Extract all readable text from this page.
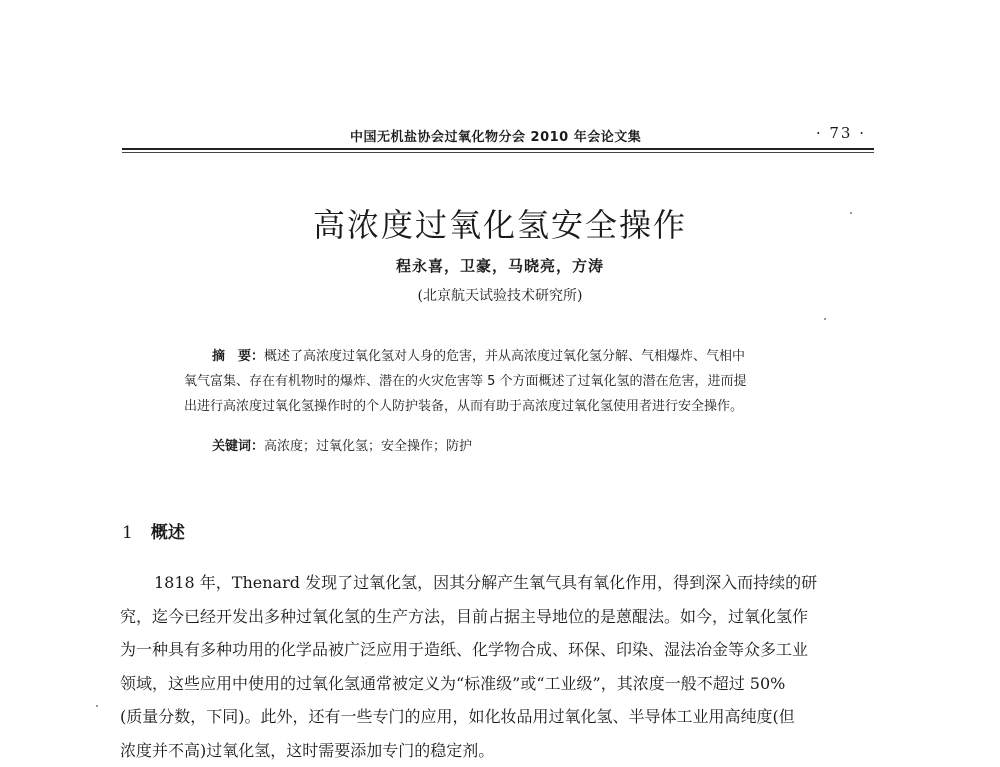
中国无机盐协会过氧化物分会 2010 年会论文集	· 73 ·
高浓度过氧化氢安全操作
程永喜，卫豪，马晓亮，方涛
(北京航天试验技术研究所)
摘　要：概述了高浓度过氧化氢对人身的危害，并从高浓度过氧化氢分解、气相爆炸、气相中
氧气富集、存在有机物时的爆炸、潜在的火灾危害等 5 个方面概述了过氧化氢的潜在危害，进而提
出进行高浓度过氧化氢操作时的个人防护装备，从而有助于高浓度过氧化氢使用者进行安全操作。
关键词：高浓度；过氧化氢；安全操作；防护
1 概述
1818 年，Thenard 发现了过氧化氢，因其分解产生氧气具有氧化作用，得到深入而持续的研
究，迄今已经开发出多种过氧化氢的生产方法，目前占据主导地位的是蒽醌法。如今，过氧化氢作
为一种具有多种功用的化学品被广泛应用于造纸、化学物合成、环保、印染、湿法冶金等众多工业
领域，这些应用中使用的过氧化氢通常被定义为“标准级”或“工业级”，其浓度一般不超过 50%
(质量分数，下同)。此外，还有一些专门的应用，如化妆品用过氧化氢、半导体工业用高纯度(但
浓度并不高)过氧化氢，这时需要添加专门的稳定剂。
